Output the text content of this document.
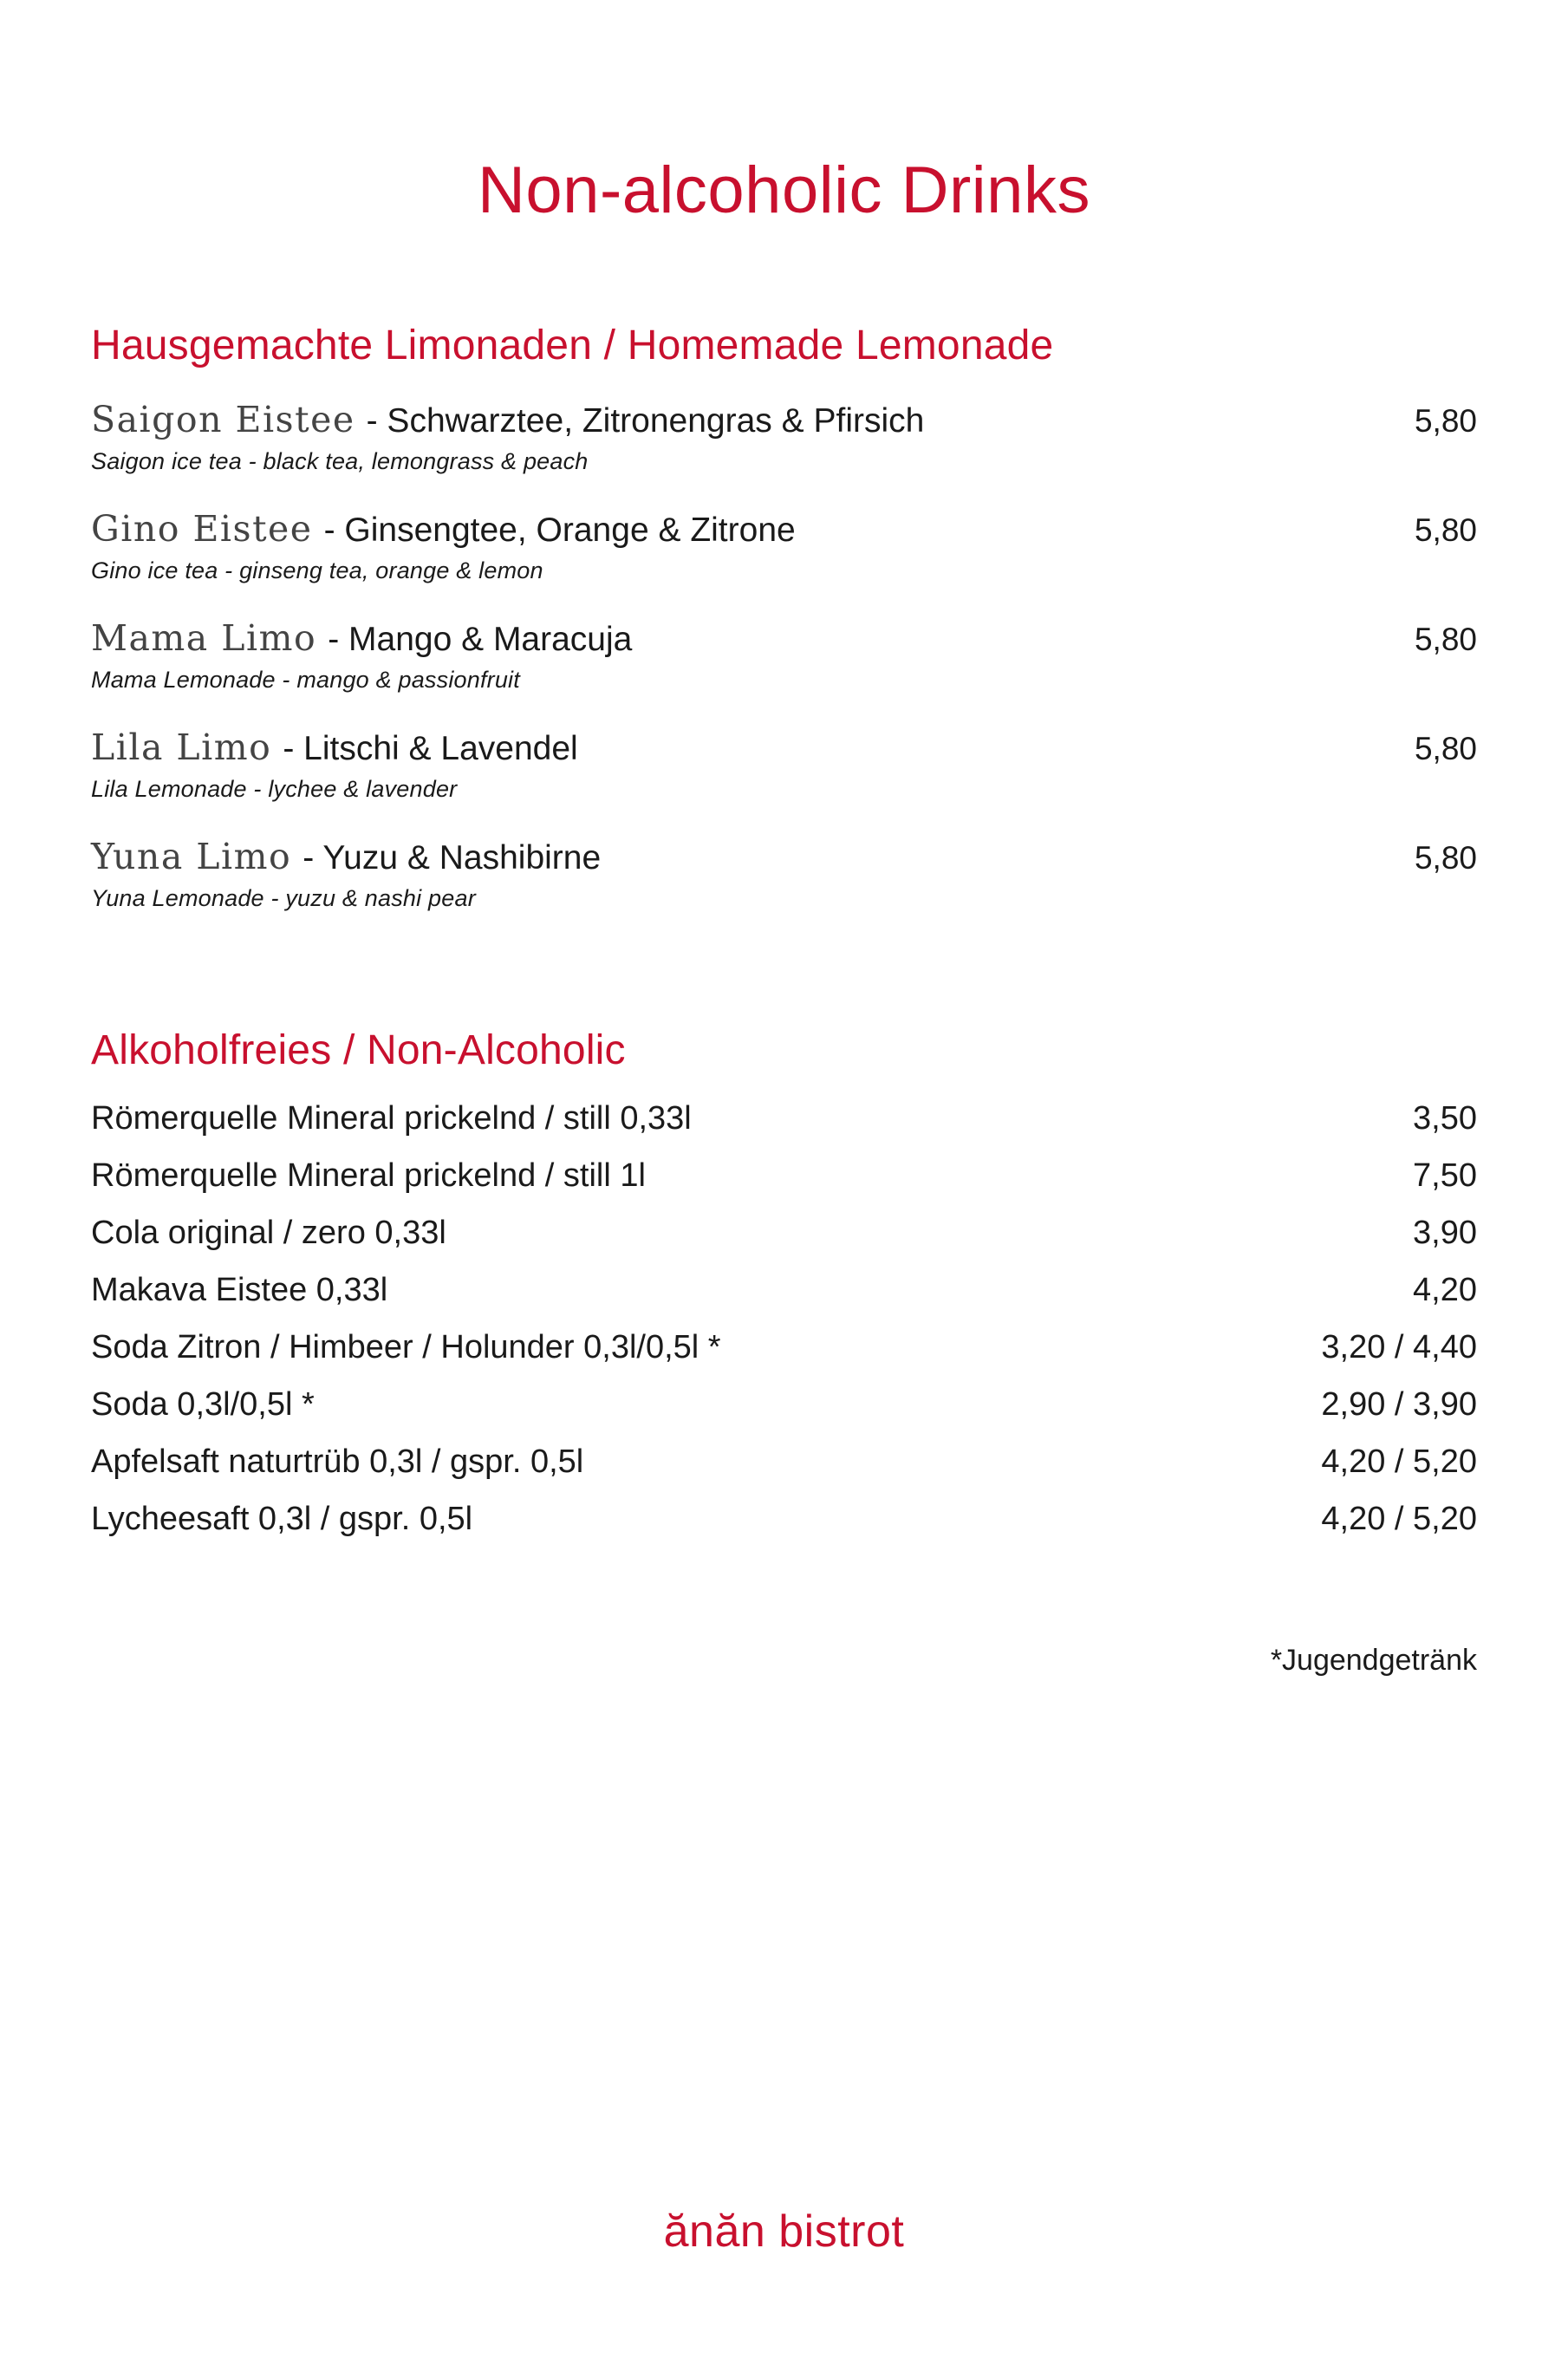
Non-alcoholic Drinks
Hausgemachte Limonaden / Homemade Lemonade
Saigon Eistee - Schwarztee, Zitronengras & Pfirsich	5,80
Saigon ice tea - black tea, lemongrass & peach
Gino Eistee - Ginsengtee, Orange & Zitrone	5,80
Gino ice tea - ginseng tea, orange & lemon
Mama Limo - Mango & Maracuja	5,80
Mama Lemonade - mango & passionfruit
Lila Limo - Litschi & Lavendel	5,80
Lila Lemonade - lychee & lavender
Yuna Limo - Yuzu & Nashibirne	5,80
Yuna Lemonade - yuzu & nashi pear
Alkoholfreies / Non-Alcoholic
Römerquelle Mineral prickelnd / still 0,33l	3,50
Römerquelle Mineral prickelnd / still 1l	7,50
Cola original / zero 0,33l	3,90
Makava Eistee 0,33l	4,20
Soda Zitron / Himbeer / Holunder 0,3l/0,5l *	3,20 / 4,40
Soda 0,3l/0,5l *	2,90 / 3,90
Apfelsaft naturtrüb 0,3l / gspr. 0,5l	4,20 / 5,20
Lycheesaft 0,3l / gspr. 0,5l	4,20 / 5,20
*Jugendgetränk
ănăn bistrot
